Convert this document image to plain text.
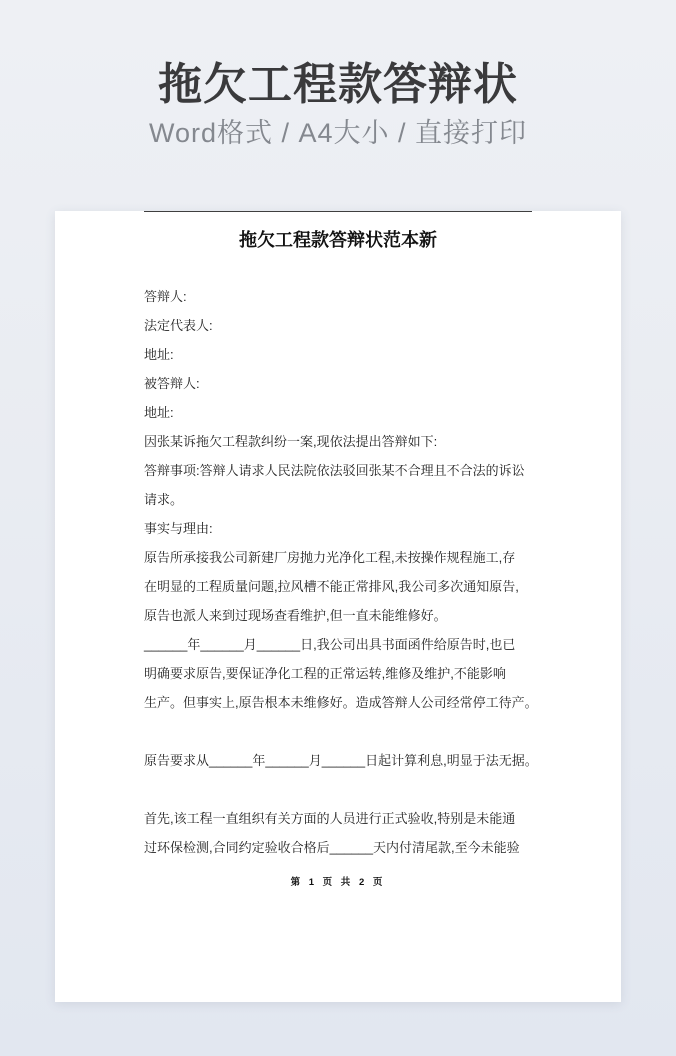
拖欠工程款答辩状
Word格式 / A4大小 / 直接打印
拖欠工程款答辩状范本新
答辩人:
法定代表人:
地址:
被答辩人:
地址:
因张某诉拖欠工程款纠纷一案,现依法提出答辩如下:
答辩事项:答辩人请求人民法院依法驳回张某不合理且不合法的诉讼
请求。
事实与理由:
原告所承接我公司新建厂房抛力光净化工程,未按操作规程施工,存
在明显的工程质量问题,拉风槽不能正常排风,我公司多次通知原告,
原告也派人来到过现场查看维护,但一直未能维修好。
______年______月______日,我公司出具书面函件给原告时,也已
明确要求原告,要保证净化工程的正常运转,维修及维护,不能影响
生产。但事实上,原告根本未维修好。造成答辩人公司经常停工待产。
原告要求从______年______月______日起计算利息,明显于法无据。
首先,该工程一直组织有关方面的人员进行正式验收,特别是未能通
过环保检测,合同约定验收合格后______天内付清尾款,至今未能验
第 1 页 共 2 页
